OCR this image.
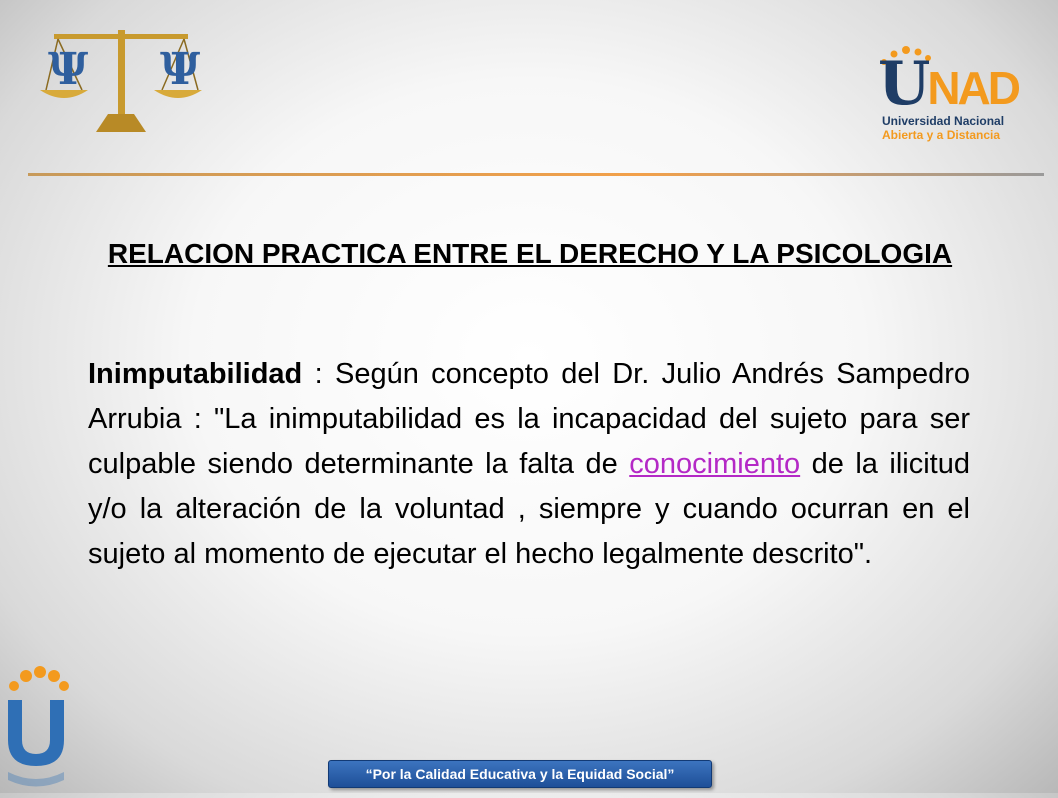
Ψ Ψ	UNAD
Universidad Nacional
Abierta y a Distancia
RELACION PRACTICA ENTRE EL DERECHO Y LA PSICOLOGIA
Inimputabilidad : Según concepto del Dr. Julio Andrés Sampedro Arrubia : "La inimputabilidad es la incapacidad del sujeto para ser culpable siendo determinante la falta de conocimiento de la ilicitud y/o la alteración de la voluntad , siempre y cuando ocurran en el sujeto al momento de ejecutar el hecho legalmente descrito".
“Por la Calidad Educativa y la Equidad Social”
